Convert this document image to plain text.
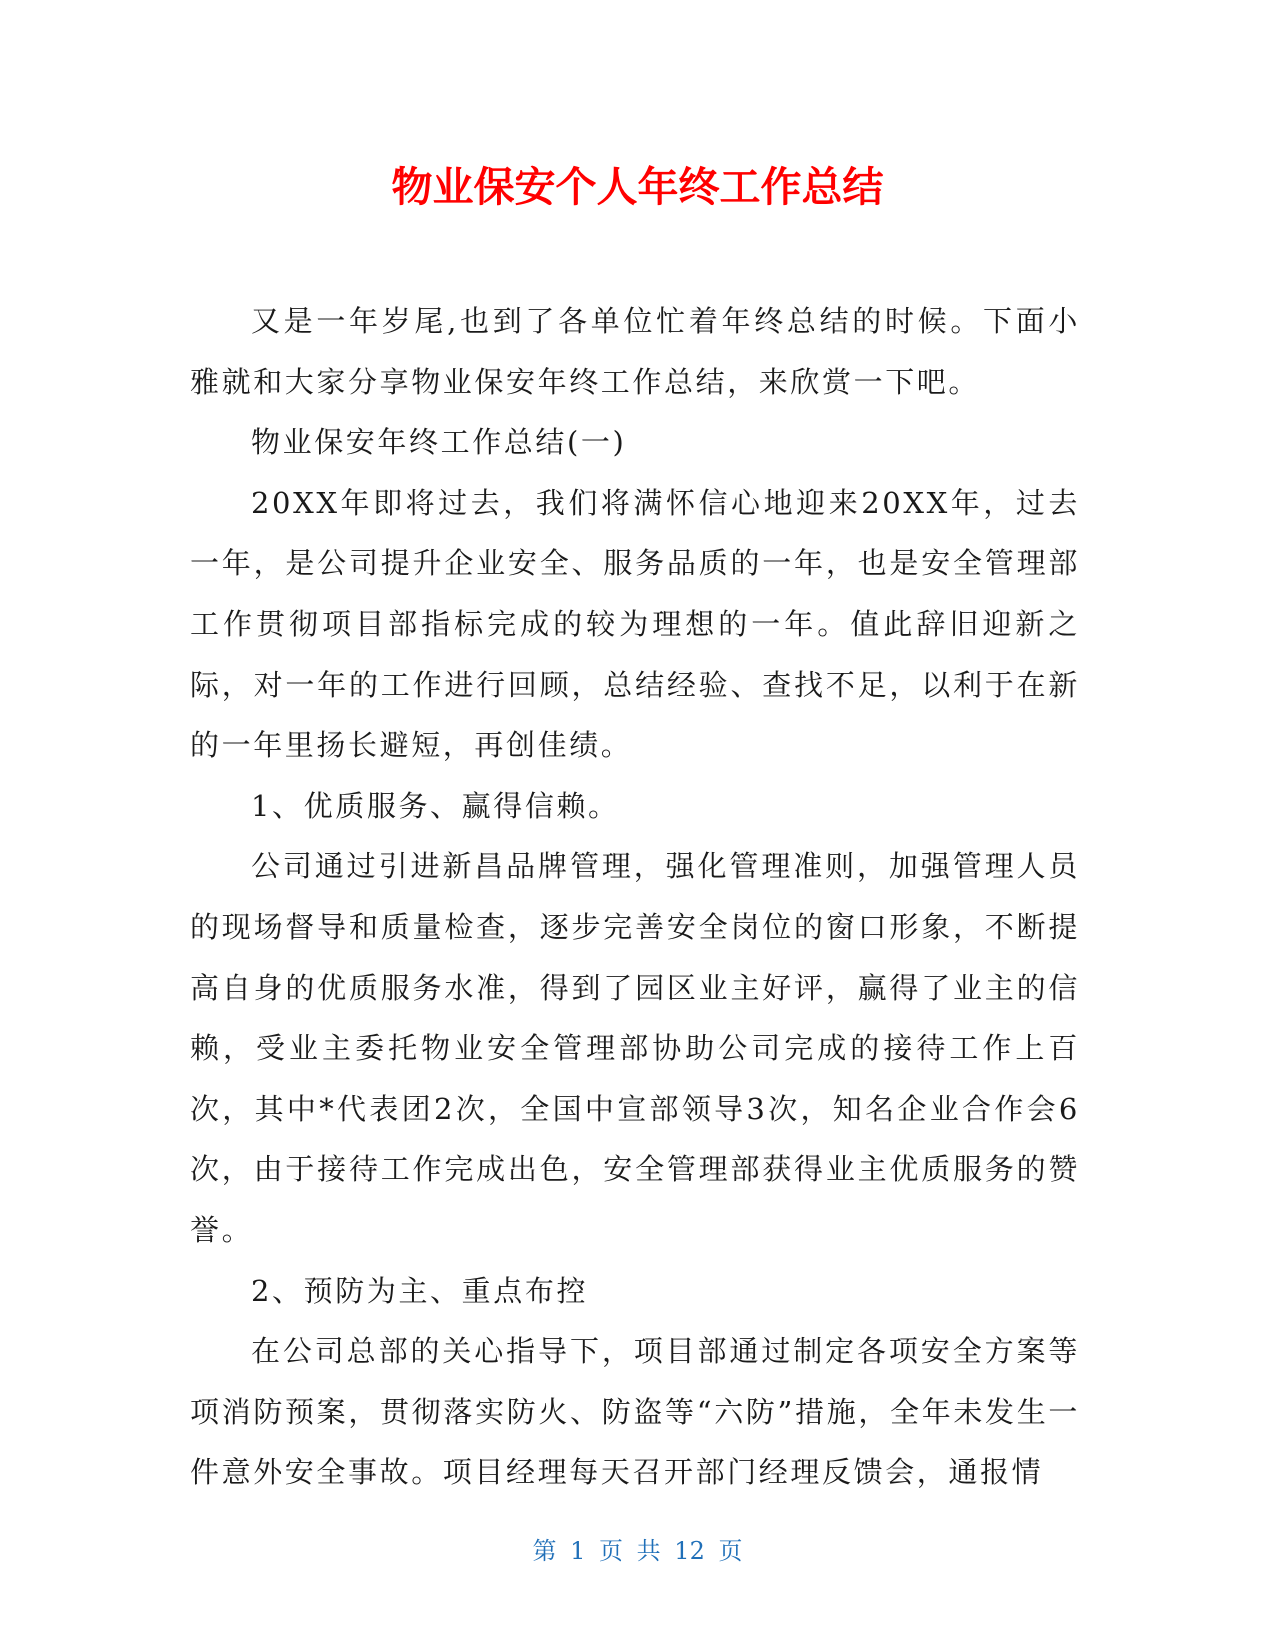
物业保安个人年终工作总结

又是一年岁尾,也到了各单位忙着年终总结的时候。下面小雅就和大家分享物业保安年终工作总结，来欣赏一下吧。

物业保安年终工作总结(一)

20XX年即将过去，我们将满怀信心地迎来20XX年，过去一年，是公司提升企业安全、服务品质的一年，也是安全管理部工作贯彻项目部指标完成的较为理想的一年。值此辞旧迎新之际，对一年的工作进行回顾，总结经验、查找不足，以利于在新的一年里扬长避短，再创佳绩。

1、优质服务、赢得信赖。

公司通过引进新昌品牌管理，强化管理准则，加强管理人员的现场督导和质量检查，逐步完善安全岗位的窗口形象，不断提高自身的优质服务水准，得到了园区业主好评，赢得了业主的信赖，受业主委托物业安全管理部协助公司完成的接待工作上百次，其中*代表团2次，全国中宣部领导3次，知名企业合作会6次，由于接待工作完成出色，安全管理部获得业主优质服务的赞誉。

2、预防为主、重点布控

在公司总部的关心指导下，项目部通过制定各项安全方案等项消防预案，贯彻落实防火、防盗等“六防”措施，全年未发生一件意外安全事故。项目经理每天召开部门经理反馈会，通报情

第 1 页 共 12 页
